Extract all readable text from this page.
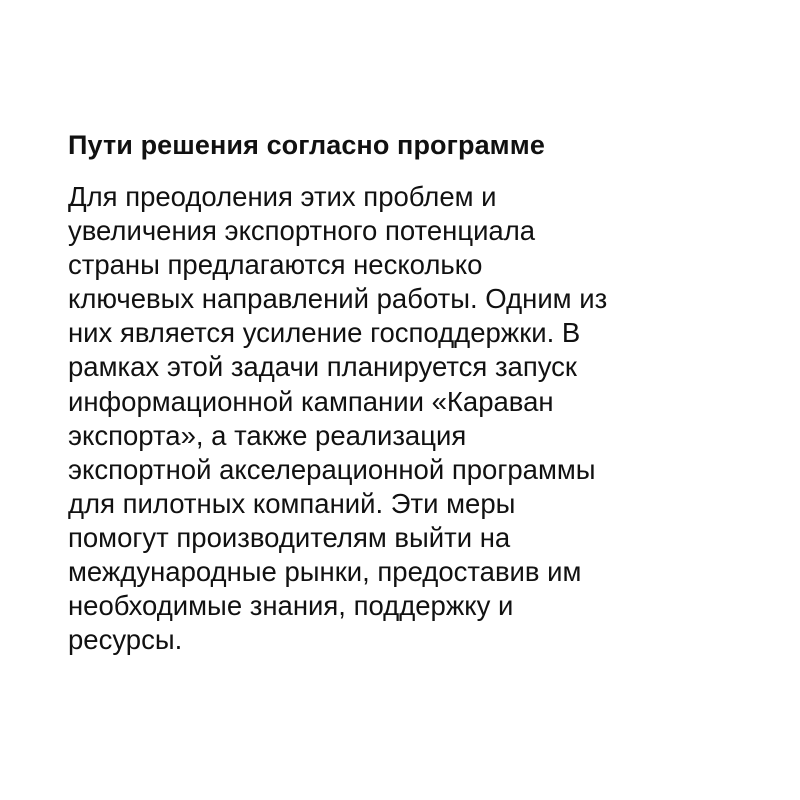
Пути решения согласно программе

Для преодоления этих проблем и
увеличения экспортного потенциала
страны предлагаются несколько
ключевых направлений работы. Одним из
них является усиление господдержки. В
рамках этой задачи планируется запуск
информационной кампании «Караван
экспорта», а также реализация
экспортной акселерационной программы
для пилотных компаний. Эти меры
помогут производителям выйти на
международные рынки, предоставив им
необходимые знания, поддержку и
ресурсы.
